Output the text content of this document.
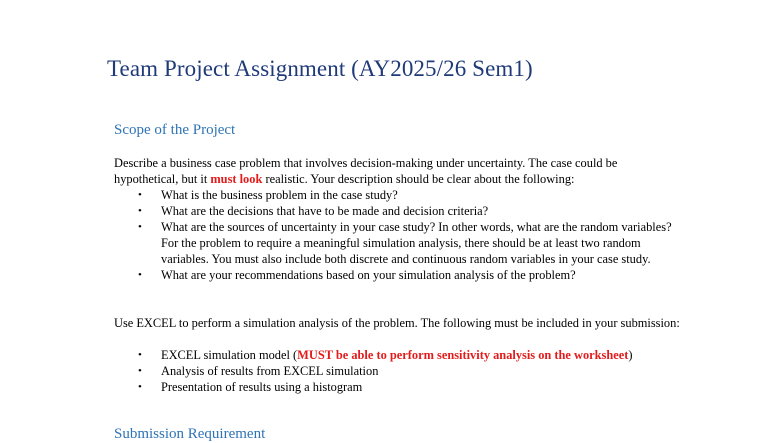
Team Project Assignment (AY2025/26 Sem1)
Scope of the Project

Describe a business case problem that involves decision-making under uncertainty. The case could be hypothetical, but it must look realistic. Your description should be clear about the following:

• What is the business problem in the case study?
• What are the decisions that have to be made and decision criteria?
• What are the sources of uncertainty in your case study? In other words, what are the random variables? For the problem to require a meaningful simulation analysis, there should be at least two random variables. You must also include both discrete and continuous random variables in your case study.
• What are your recommendations based on your simulation analysis of the problem?

Use EXCEL to perform a simulation analysis of the problem. The following must be included in your submission:

• EXCEL simulation model (MUST be able to perform sensitivity analysis on the worksheet)
• Analysis of results from EXCEL simulation
• Presentation of results using a histogram
Submission Requirement
